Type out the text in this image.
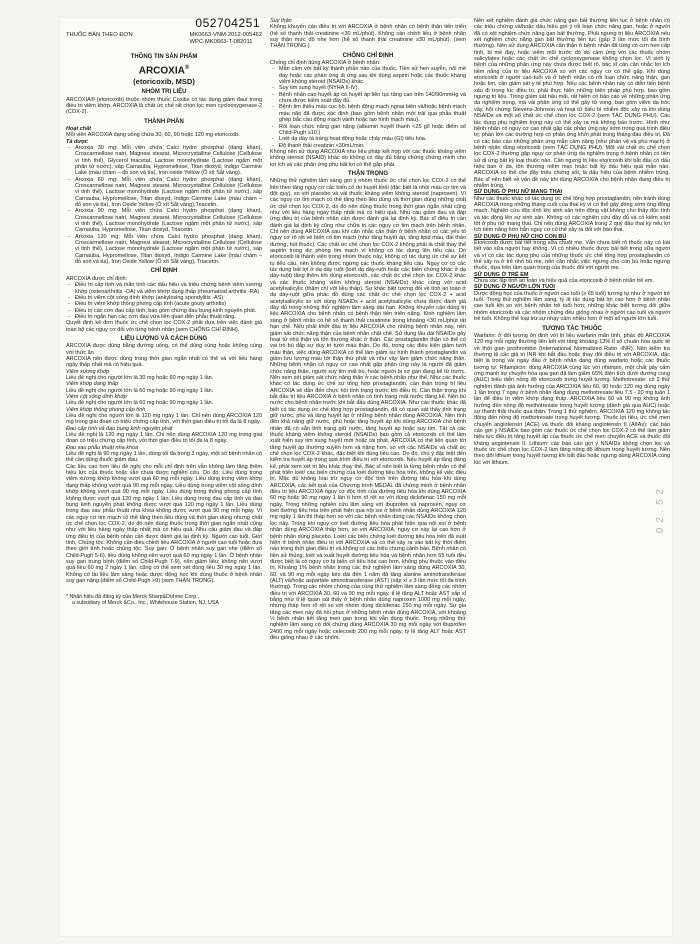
052704251
THUỐC BÁN THEO ĐƠN	MK0663-VNM-2012-005462
WPC-MK0663-T-082011
THÔNG TIN SẢN PHẨM
ARCOXIA®
(etoricoxib, MSD)
NHÓM TRỊ LIỆU

ARCOXIA® (etoricoxib) thuộc nhóm thuốc Coxibs có tác dụng giảm đau/ trong điều trị viêm khớp. ARCOXIA là chất ức chế rất chọn lọc men cyclooxygenase-2 (COX-2).

THÀNH PHẦN

Hoạt chất

Mỗi viên ARCOXIA dạng uống chứa 30, 60, 90 hoặc 120 mg etoricoxib.

Tá dược

- Arcoxia 30 mg: Mỗi viên chứa Calci hydro phosphat (dạng khan), Croscarmellose natri, Magnesi stearat, Microcrystalline Cellulose (Cellulose vi tinh thể), Glycerol triacetat, Lactose monohydrate (Lactose ngậm một phân tử nước), sáp Carnauba, Hypromellose, Titan dioxyd, Indigo Carmine Lake (màu chàm – đỏ son và tía), Iron oxide Yellow (Ô xít Sắt vàng).
- Arcoxia 60 mg: Mỗi viên chứa Calci hydro phosphat (dạng khan), Croscarmellose natri, Magnesi stearat, Microcrystalline Cellulose (Cellulose vi tinh thể), Lactose monohydrate (Lactose ngậm một phân tử nước), sáp Carnauba, Hypromellose, Titan dioxyd, Indigo Carmine Lake (màu chàm – đỏ son và tía), Iron Oxide Yellow (Ô xít Sắt vàng),Triacetin.
- Arcoxia 90 mg: Mỗi viên chứa Calci hydro phosphat (dạng khan), Croscarmellose natri, Magnesi stearat, Microcrystalline Cellulose (Cellulose vi tinh thể), Lactose monohydrate (Lactose ngậm một phân tử nước), sáp Carnauba, Hypromellose, Titan dioxyd, Triacetin.
- Arcoxia 120 mg: Mỗi viên chứa Calci hydro phosphat (dạng khan), Croscarmellose natri, Magnesi stearat, Microcrystalline Cellulose (Cellulose vi tinh thể), Lactose monohydrate (Lactose ngậm một phân tử nước), sáp Carnauba, Hypromellose, Titan dioxyd, Indigo Carmine Lake (màu chàm – đỏ son và tía), Iron Oxide Yellow (Ô xít Sắt vàng), Triacetin.
CHỈ ĐỊNH

ARCOXIA được chỉ định:

- Điều trị cấp tính và mãn tính các dấu hiệu và triệu chứng bệnh viêm xương khớp (osteoarthritis -OA) và viêm khớp dạng thấp (rheumatoid arthritis -RA)
- Điều trị viêm cột sống dính khớp (ankylosing spondylitis -AS)
- Điều trị viêm khớp thống phong cấp tính (acute gouty arthritis)
- Điều trị các cơn đau cấp tính, bao gồm chứng đau bụng kinh nguyên phát.
- Điều trị ngắn hạn các cơn đau vừa liên quan đến phẫu thuật răng.

Quyết định kê đơn thuốc ức chế chọn lọc COX-2 phải dựa trên việc đánh giá toàn bộ các nguy cơ đối với từng bệnh nhân (xem CHỐNG CHỈ ĐỊNH).

LIỀU LƯỢNG VÀ CÁCH DÙNG

ARCOXIA được dùng bằng đường uống, có thể dùng cùng hoặc không cùng với thức ăn.

ARCOXIA nên được dùng trong thời gian ngắn nhất có thể và với liều hàng ngày thấp nhất mà có hiệu quả.

Viêm xương khớp

Liều đề nghị cho người lớn là 30 mg hoặc 60 mg ngày 1 lần.

Viêm khớp dạng thấp

Liều đề nghị cho người lớn là 60 mg hoặc 90 mg ngày 1 lần.

Viêm cột sống dính khớp

Liều đề nghị cho người lớn là 60 mg hoặc 90 mg ngày 1 lần.

Viêm khớp thống phong cấp tính

Liều đề nghị cho người lớn là 120 mg ngày 1 lần. Chỉ nên dùng ARCOXIA 120 mg trong giai đoạn có triệu chứng cấp tính, với thời gian điều trị tối đa là 8 ngày.

Đau cấp tính và đau bụng kinh nguyên phát

Liều đề nghị là 120 mg ngày 1 lần. Chỉ nên dùng ARCOXIA 120 mg trong giai đoạn có triệu chứng cấp tính, với thời gian điều trị tối đa là 8 ngày.

Đau sau phẫu thuật nha khoa

Liều đề nghị là 90 mg ngày 1 lần, dùng tối đa trong 3 ngày, một số bệnh nhân có thể cần dùng thuốc giảm đau.

Các liều cao hơn liều đề nghị cho mỗi chỉ định trên vẫn không làm tăng thêm hiệu lực của thuốc hoặc vẫn chưa được nghiên cứu. Do đó: Liều dùng trong viêm xương khớp không vượt quá 60 mg mỗi ngày. Liều dùng trong viêm khớp dạng thấp không vượt quá 90 mg mỗi ngày. Liều dùng trong viêm cột sống dính khớp không vượt quá 90 mg mỗi ngày. Liều dùng trong thống phong cấp tính không được vượt quá 120 mg ngày 1 lần. Liều dùng trong đau cấp tính và đau bụng kinh nguyên phát không được vượt quá 120 mg ngày 1 lần. Liều dùng trong đau sau phẫu thuật nha khoa không được vượt quá 90 mg mỗi ngày. Vì các nguy cơ tim mạch có thể tăng theo liều dùng và thời gian dùng nhưng chất ức chế chọn lọc COX-2, do đó nên dùng thuốc trong thời gian ngắn nhất cũng như với liều hàng ngày thấp nhất mà có hiệu quả. Nhu cầu giảm đau và đáp ứng điều trị của bệnh nhân cần được đánh giá lại định kỳ. Người cao tuổi, Giới tính, Chủng tộc: Không cần điều chỉnh liều ARCOXIA ở người cao tuổi hoặc dựa theo giới tính hoặc chủng tộc. Suy gan: Ở bệnh nhân suy gan nhẹ (điểm số Child-Pugh 5-6), liều dùng không nên vượt quá 60 mg ngày 1 lần. Ở bệnh nhân suy gan trung bình (điểm số Child-Pugh 7-9), nên giảm liều; không nên vượt quá liều 60 mg 2 ngày 1 lần, cũng có thể xem xét dùng liều 30 mg ngày 1 lần. Không có tài liệu lâm sàng hoặc dược động học khi dùng thuốc ở bệnh nhân suy gan nặng (điểm số Child-Pugh >9) (xem THẬN TRỌNG).

* Nhãn hiệu đã đăng ký của Merck Sharp&Dohme Corp.,
a subsidiary of Merck &Co., Inc., Whitehouse Station, NJ, USA

Suy thận

Không khuyến cáo điều trị với ARCOXIA ở bệnh nhân có bệnh thận tiến triển (hệ số thanh thải creatinine <30 mL/phút). Không cần chỉnh liều ở bệnh nhân suy thận mức độ nhẹ hơn (hệ số thanh thải creatinine ≥30 mL/phút). (xem THẬN TRỌNG.)

CHỐNG CHỈ ĐỊNH

Chống chỉ định dùng ARCOXIA ở bệnh nhân:

- Mẫn cảm với bất kỳ thành phần nào của thuốc. Tiền sử hen suyễn, nổi mề đay hoặc các phản ứng dị ứng sau khi dùng aspirin hoặc các thuốc kháng viêm không steroid (NSAIDs) khác.
- Suy tim sung huyết (NYHA II-IV).
- Bệnh nhân cao huyết áp có huyết áp liên tục tăng cao trên 140/90mmHg và chưa được kiểm soát đầy đủ.
- Bệnh tim thiếu máu cục bộ, bệnh động mạch ngoại biên và/hoặc bệnh mạch máu não đã được xác định (bao gồm bệnh nhân mới trải qua phẫu thuật ghép bắc cầu động mạch vành hoặc tạo hình mạch máu).
- Rối loạn chức năng gan nặng (albumin huyết thanh <25 g/l hoặc điểm số Child-Pugh ≥10.)
- Loét dạ dày tá tràng hoạt động hoặc chảy máu (GI) tiêu hóa.
- Độ thanh thải creatinin <30mL/min.

Không nên sử dụng ARCOXIA như liệu pháp kết hợp với các thuốc kháng viêm không steroid (NSAID) khác do không có đầy đủ bằng chứng chứng minh cho lợi ích và các phản ứng phụ bất lợi có thể gặp phải.

THẬN TRỌNG

Những thử nghiệm lâm sàng gợi ý nhóm thuốc ức chế chọn lọc COX-2 có thể liên theo tăng nguy cơ các biến cố do huyết khối (đặc biệt là nhồi máu cơ tim và đột quỵ), so với placebo và vài thuốc kháng viêm không steroid (naproxen). Vì các nguy cơ tim mạch có thể tăng theo liều dùng và thời gian dùng những chất ức chế chọn lọc COX-2, do đó nên dùng thuốc trong thời gian ngắn nhất cũng như với liều hàng ngày thấp nhất mà có hiệu quả. Nhu cầu giảm đau và đáp ứng điều trị của bệnh nhân cần được đánh giá lại định kỳ. Bác sĩ điều trị cần đánh giá lại định kỳ cũng như chữa trị các nguy cơ tim mạch trên bệnh nhân. Chỉ nên dùng ARCOXIA sau khi cân nhắc cẩn thận ở bệnh nhân có các yếu tố nguy cơ rõ rệt về biến cố tim mạch (như tăng huyết áp, tăng lipid máu, đái tháo đường, hút thuốc). Các chất ức chế chọn lọc COX-2 không phải là chất thay thế aspirin trong dự phòng tim mạch vì không có tác dụng lên tiểu cầu. Do etoricoxib là thành viên trong nhóm thuốc này, không có tác dụng ức chế sự kết tụ tiểu cầu, nên không được ngừng các thuốc kháng tiểu cầu. Nguy cơ có các tác dụng bất lợi ở dạ dày ruột (loét dạ dày-ruột hoặc các biến chứng khác ở dạ dày-ruột) tăng thêm khi dùng etoricoxib, các chất ức chế chọn lọc COX-2 khác và các thuốc kháng viêm không steroid (NSAIDs) khác cùng với acid acetylsalicylic (thậm chí với liều thấp). Sự khác biệt tương đối về tính an toàn ở dạ dày-ruột giữa phác đồ dùng các chất ức chế chọn lọc COX-2 + acid acetylsalicylic so với dùng NSAIDs + acid acetylsalicylic chưa được đánh giá đầy đủ trong những thử nghiệm lâm sàng dài hạn. Không khuyến cáo dùng trị liệu ARCOXIA cho bệnh nhân có bệnh thận tiến triển nặng. Kinh nghiệm lâm sàng ở bệnh nhân có hệ số thanh thải creatinine trong khoảng <30 mL/phút rất hạn chế. Nếu phải khởi đầu trị liệu ARCOXIA cho những bệnh nhân này, nên giám sát chức năng thận của bệnh nhân chặt chẽ. Sử dụng lâu dài NSAIDs gây hoại tử nhú thận và tổn thương khác ở thận. Các prostaglandin thận có thể có vai trò bù đắp sự duy trì tưới máu thận. Do đó, trong các điều kiện giảm tưới máu thận, việc dùng ARCOXIA có thể làm giảm sự hình thành prostaglandin và giảm lưu lượng máu tới thận thứ phát và như vậy làm giảm chức năng thận. Những bệnh nhân có nguy cơ cao nhất gặp phản ứng này là người đã giảm chức năng thận, người suy tim mất bù, hoặc người bị xơ gan đang kể từ trước. Nên xem xét giám sát chức năng thận ở các bệnh nhân như thế. Như các thuốc khác có tác dụng ức chế sự tổng hợp prostaglandin, cần thận trọng trị liệu ARCOXIA sẽ dẫn đến chực hồi tính trạng trước khi điều trị. Cần thận trọng khi bắt đầu trị liệu ARCOXIA ở bệnh nhân có tình trạng mất nước đáng kể. Nên bù nước cho bệnh nhân trước khi bắt đầu dùng ARCOXIA. Như các thuốc khác đã biết có tác dụng ức chế tổng hợp prostaglandin, đã có quan sát thấy tình trạng giữ nước, phù và tăng huyết áp ở những bệnh nhân dùng ARCOXIA. Nên tính đến khả năng giữ nước, phù hoặc tăng huyết áp khi dùng ARCOXIA cho bệnh nhân đã có sẵn tình trạng giữ nước, tăng huyết áp hoặc suy tim. Tất cả các thuốc kháng viêm không steroid (NSAIDs) bao gồm cả etoricoxib có thể làm xuất hiện suy tim sung huyết mới hoặc tái phát. ARCOXIA có thể liên quan tới tăng huyết áp thường xuyên hơn và nặng hơn, so với các NSAIDs và chất ức chế chọn lọc COX-2 khác, đặc biệt khi dùng liều cao. Do đó, chú ý đặc biệt đến kiểm tra huyết áp trong quá trình điều trị với etoricoxib. Nếu huyết áp tăng đáng kể, phải xem xét trị liệu khác thay thế. Bác sĩ nên biết là từng bệnh nhân có thể phát triển loét/ các biến chứng của loét đường tiêu hóa trên, không kể việc điều trị. Mặc dù không loại trừ nguy cơ độc tính trên đường tiêu hóa khi dùng ARCOXIA, các kết quả của Chương trình MEDAL đã chứng minh ở bệnh nhân điều trị liệu ARCOXIA nguy cơ độc tính của đường tiêu hóa khi dùng ARCOXIA 60 mg hoặc 90 mg ngày 1 lần ít hơn rõ rệt so với dùng diclofenac 150 mg mỗi ngày. Trong những nghiên cứu lâm sàng với ibuprofen và naproxen, nguy cơ loét đường tiêu hóa trên phát hiện qua nội soi ở bệnh nhân dùng ARCOXIA 120 mg ngày 1 lần thì thấp hơn so với các bệnh nhân dùng các NSAIDs không chọn lọc này. Trong khi nguy cơ loét đường tiêu hóa phát hiện qua nội soi ở bệnh nhân dùng ARCOXIA thấp hơn, so với ARCOXIA, nguy cơ này lại cao hơn ở bệnh nhân dùng placebo. Loét/ các biến chứng loét đường tiêu hóa trên đã xuất hiện ở bệnh nhân điều trị với ARCOXIA và có thể xảy ra vào bất kỳ thời điểm nào trong thời gian điều trị và không có các triệu chứng cảnh báo. Bệnh nhân có tiền sử thủng, loét và xuất huyết đường tiêu hóa và bệnh nhân hơn 65 tuổi đều được biết là có nguy cơ bị biến cố tiêu hóa cao hơn, không phụ thuộc vào điều trị. Khoảng 1% bệnh nhân trong các thử nghiệm lâm sàng dùng ARCOXIA 30, 60, và 90 mg mỗi ngày kéo dài đến 1 năm đã tăng alanine aminotransferase (ALT) và/hoặc aspartate aminotransferase (AST) (xấp xỉ ≥ 3 lần mức tối đa bình thường). Trong các nhóm chứng của cùng thử nghiệm lâm sàng đồng các nhóm điều trị với ARCOXIA 30, 60 và 90 mg mỗi ngày, tỉ lệ tăng ALT hoặc AST xấp xỉ bằng như tỉ lệ quan sát thấy ở bệnh nhân dùng naproxen 1000 mg mỗi ngày, nhưng thấp hơn rõ rệt so với nhóm dùng diclofenac 150 mg mỗi ngày. Sự gia tăng các men này đã hồi phục ở những bệnh nhân dùng ARCOXIA, với khoảng ½ bệnh nhân tiết tăng men gan trong khi vẫn dùng thuốc. Trong những thử nghiệm lâm sàng có đối chứng dùng ARCOXIA 30 mg mỗi ngày với ibuprofen 2400 mg mỗi ngày hoặc celecoxib 200 mg mỗi ngày, tỷ lệ tăng ALT hoặc AST đều giống nhau ở các nhóm.

Nên xét nghiệm đánh giá chức năng gan bất thường liên tục ở bệnh nhân có các triệu chứng và/hoặc dấu hiệu gợi ý rối loạn chức năng gan, hoặc ở người đã có xét nghiệm chức năng gan bất thường. Phải ngưng trị liệu ARCOXIA nếu xét nghiệm chức năng gan bất thường liên tục (gấp 3 lần mức tối đa bình thường). Nên sử dụng ARCOXIA cẩn thận ở bệnh nhân đã từng có cơn hen cấp tính, bị mề đay, hoặc viêm mũi trước đó do cảm ứng với các thuốc nhóm salicylates hoặc các chất ức chế cyclooxygenase không chọn lọc. Vì sinh lý bệnh của những phản ứng này chưa được biết rõ, bác sĩ cần cân nhắc lợi ích tiềm năng của trị liệu ARCOXIA so với các nguy cơ có thể gặp. Khi dùng etoricoxib ở người cao tuổi và ở bệnh nhân có rối loạn chức năng thận, gan hoặc tim, cần giám sát y tế phù hợp. Nếu các bệnh nhân này có diễn tiến bệnh xấu đi trong lúc điều trị, phải thực hiện những biện pháp phù hợp, bao gồm ngưng trị liệu. Trong giám sát hậu mãi, rất hiếm có báo cáo về những phản ứng da nghiêm trọng, mà vài phản ứng có thể gây tử vong, bao gồm viêm da tróc vẩy, hội chứng Stevens-Johnson và hoại tử biểu bì nhiễm độc xảy ra khi dùng NSAIDs và một số chất ức chế chọn lọc COX-2 (xem TÁC DỤNG PHỤ). Các tác dụng phụ nghiêm trọng này có thể xảy ra mà không báo trước. Hình như bệnh nhân có nguy cơ cao nhất gặp các phản ứng này sớm trong quá trình điều trị; phần lớn các trường hợp có phản ứng khởi phát trong tháng đầu điều trị. Đã có các báo cáo những phản ứng mẫn cảm nặng (như phản vệ và phù mạch) ở bệnh nhân dùng etoricoxib (xem TÁC DỤNG PHỤ). Một vài chất ức chế chọn lọc COX-2 thường gặp nguy cơ phản ứng da nghiêm trọng ở bệnh nhân có tiền sử dị ứng bất kỳ loại thuốc nào. Cần ngưng trị liệu etoricoxib khi bắt đầu có dấu hiệu ban ở da, tổn thương niêm mạc hoặc bất kỳ dấu hiệu quá mẫn nào. ARCOXIA có thể che đậy triệu chứng sốt, là dấu hiệu của bệnh nhiễm trùng. Bác sĩ nên biết về vấn đề này khi dùng ARCOXIA cho bệnh nhân đang điều trị nhiễm trùng.

SỬ DỤNG Ở PHỤ NỮ MANG THAI

Như các thuốc khác có tác dụng ức chế tổng hợp prostaglandin, nên tránh dùng ARCOXIA trong những tháng cuối của thai kỳ vì có thể gây đóng sớm ống động mạch. Nghiên cứu độc tính khi sinh sản trên động vật không cho thấy độc tính và tác động lên sự sinh sản. Không có các nghiên cứu đầy đủ và có kiểm soát tốt ở phụ nữ mang thai. Chỉ nên dùng ARCOXIA trong 2 quý đầu thai kỳ nếu lợi ích tiềm năng hơn hẳn nguy cơ có thể xảy ra đối với bào thai.

SỬ DỤNG Ở PHỤ NỮ CHO CON BÚ

Etoricoxib được bài tiết trong sữa chuột mẹ. Vẫn chưa biết rõ thuốc này có bài tiết vào sữa người hay không. Vì có nhiều thuốc được bài tiết trong sữa người và vì có các tác dụng phụ của những thuốc ức chế tổng hợp prostaglandin có thể xảy ra ở trẻ nhỏ bú mẹ, nên cân nhắc việc ngưng cho con bú hoặc ngưng thuốc, dựa trên tầm quan trọng của thuốc đối với người mẹ.

SỬ DỤNG Ở TRẺ EM

Chưa xác lập tính an toàn và hiệu quả của etoricoxib ở bệnh nhân trẻ em.

SỬ DỤNG Ở NGƯỜI LỚN TUỔI

Dược động học của thuốc ở người cao tuổi (≥ 65 tuổi) tương tự như ở người trẻ tuổi. Trong thử nghiệm lâm sàng, tỷ lệ tác dụng bất lợi cao hơn ở bệnh nhân cao tuổi khi so với bệnh nhân trẻ tuổi hơn; những khác biệt tương đối giữa nhóm etoricoxib và các nhóm chứng đều giống nhau ở người cao tuổi và người trẻ tuổi. Không thể loại trừ sự nhạy cảm nhiều hơn ở một số người lớn tuổi.

TƯƠNG TÁC THUỐC

Warfarin: ở đối tượng ổn định với trị liệu warfarin mãn tính, phác đồ ARCOXIA 120 mg mỗi ngày thường liên kết với tăng khoảng 13% tỉ số chuẩn hóa quốc tế về thời gian prothrombin (International Normalized Ratio -INR). Nên kiểm tra thường lệ các giá trị INR khi bắt đầu hoặc thay đổi điều trị với ARCOXIA, đặc biệt là trong vài ngày đầu ở bệnh nhân đang dùng warfarin hoặc các thuốc tương tự. Rifampicin: dùng ARCOXIA cùng lúc với rifampin, một chất gây cảm ứng mạnh sự chuyển hóa qua gan đã làm giảm 65% diện tích dưới đường cong (AUC) biểu diễn nồng độ etoricoxib trong huyết tương. Methotrexate: có 2 thử nghiệm đánh giá ảnh hưởng của ARCOXIA liều 60, 90 hoặc 120 mg dùng ngày 1 lần trong 7 ngày ở bệnh nhân đang dùng methotrexate liều 7,5 - 20 mg tuần 1 lần để điều trị viêm khớp dạng thấp. ARCOXIA liều 60 và 90 mg không ảnh hưởng đến nồng độ methotrexate trong huyết tương (đánh giá qua AUC) hoặc sự thanh thải thuốc qua thận. Trong 1 thử nghiệm, ARCOXIA 120 mg không tác động đến nồng độ methotrexate trong huyết tương. Thuốc lợi tiểu, ức chế men chuyển angiotensin (ACE) và thuốc đối kháng angiotensin II (AIIAs): các báo cáo gợi ý NSAIDs bao gồm các thuốc ức chế chọn lọc COX-2 có thể làm giảm hiệu lực điều trị tăng huyết áp của thuốc ức chế men chuyển ACE và thuốc đối kháng angiotensin II. Lithium: các báo cáo gợi ý NSAIDs không chọn lọc và thuốc ức chế chọn lọc COX-2 làm tăng nồng độ lithium trong huyết tương. Nên theo dõi lithium trong huyết tương khi bắt đầu hoặc ngưng dùng ARCOXIA cùng lúc với lithium.

0 2 . 5 2
